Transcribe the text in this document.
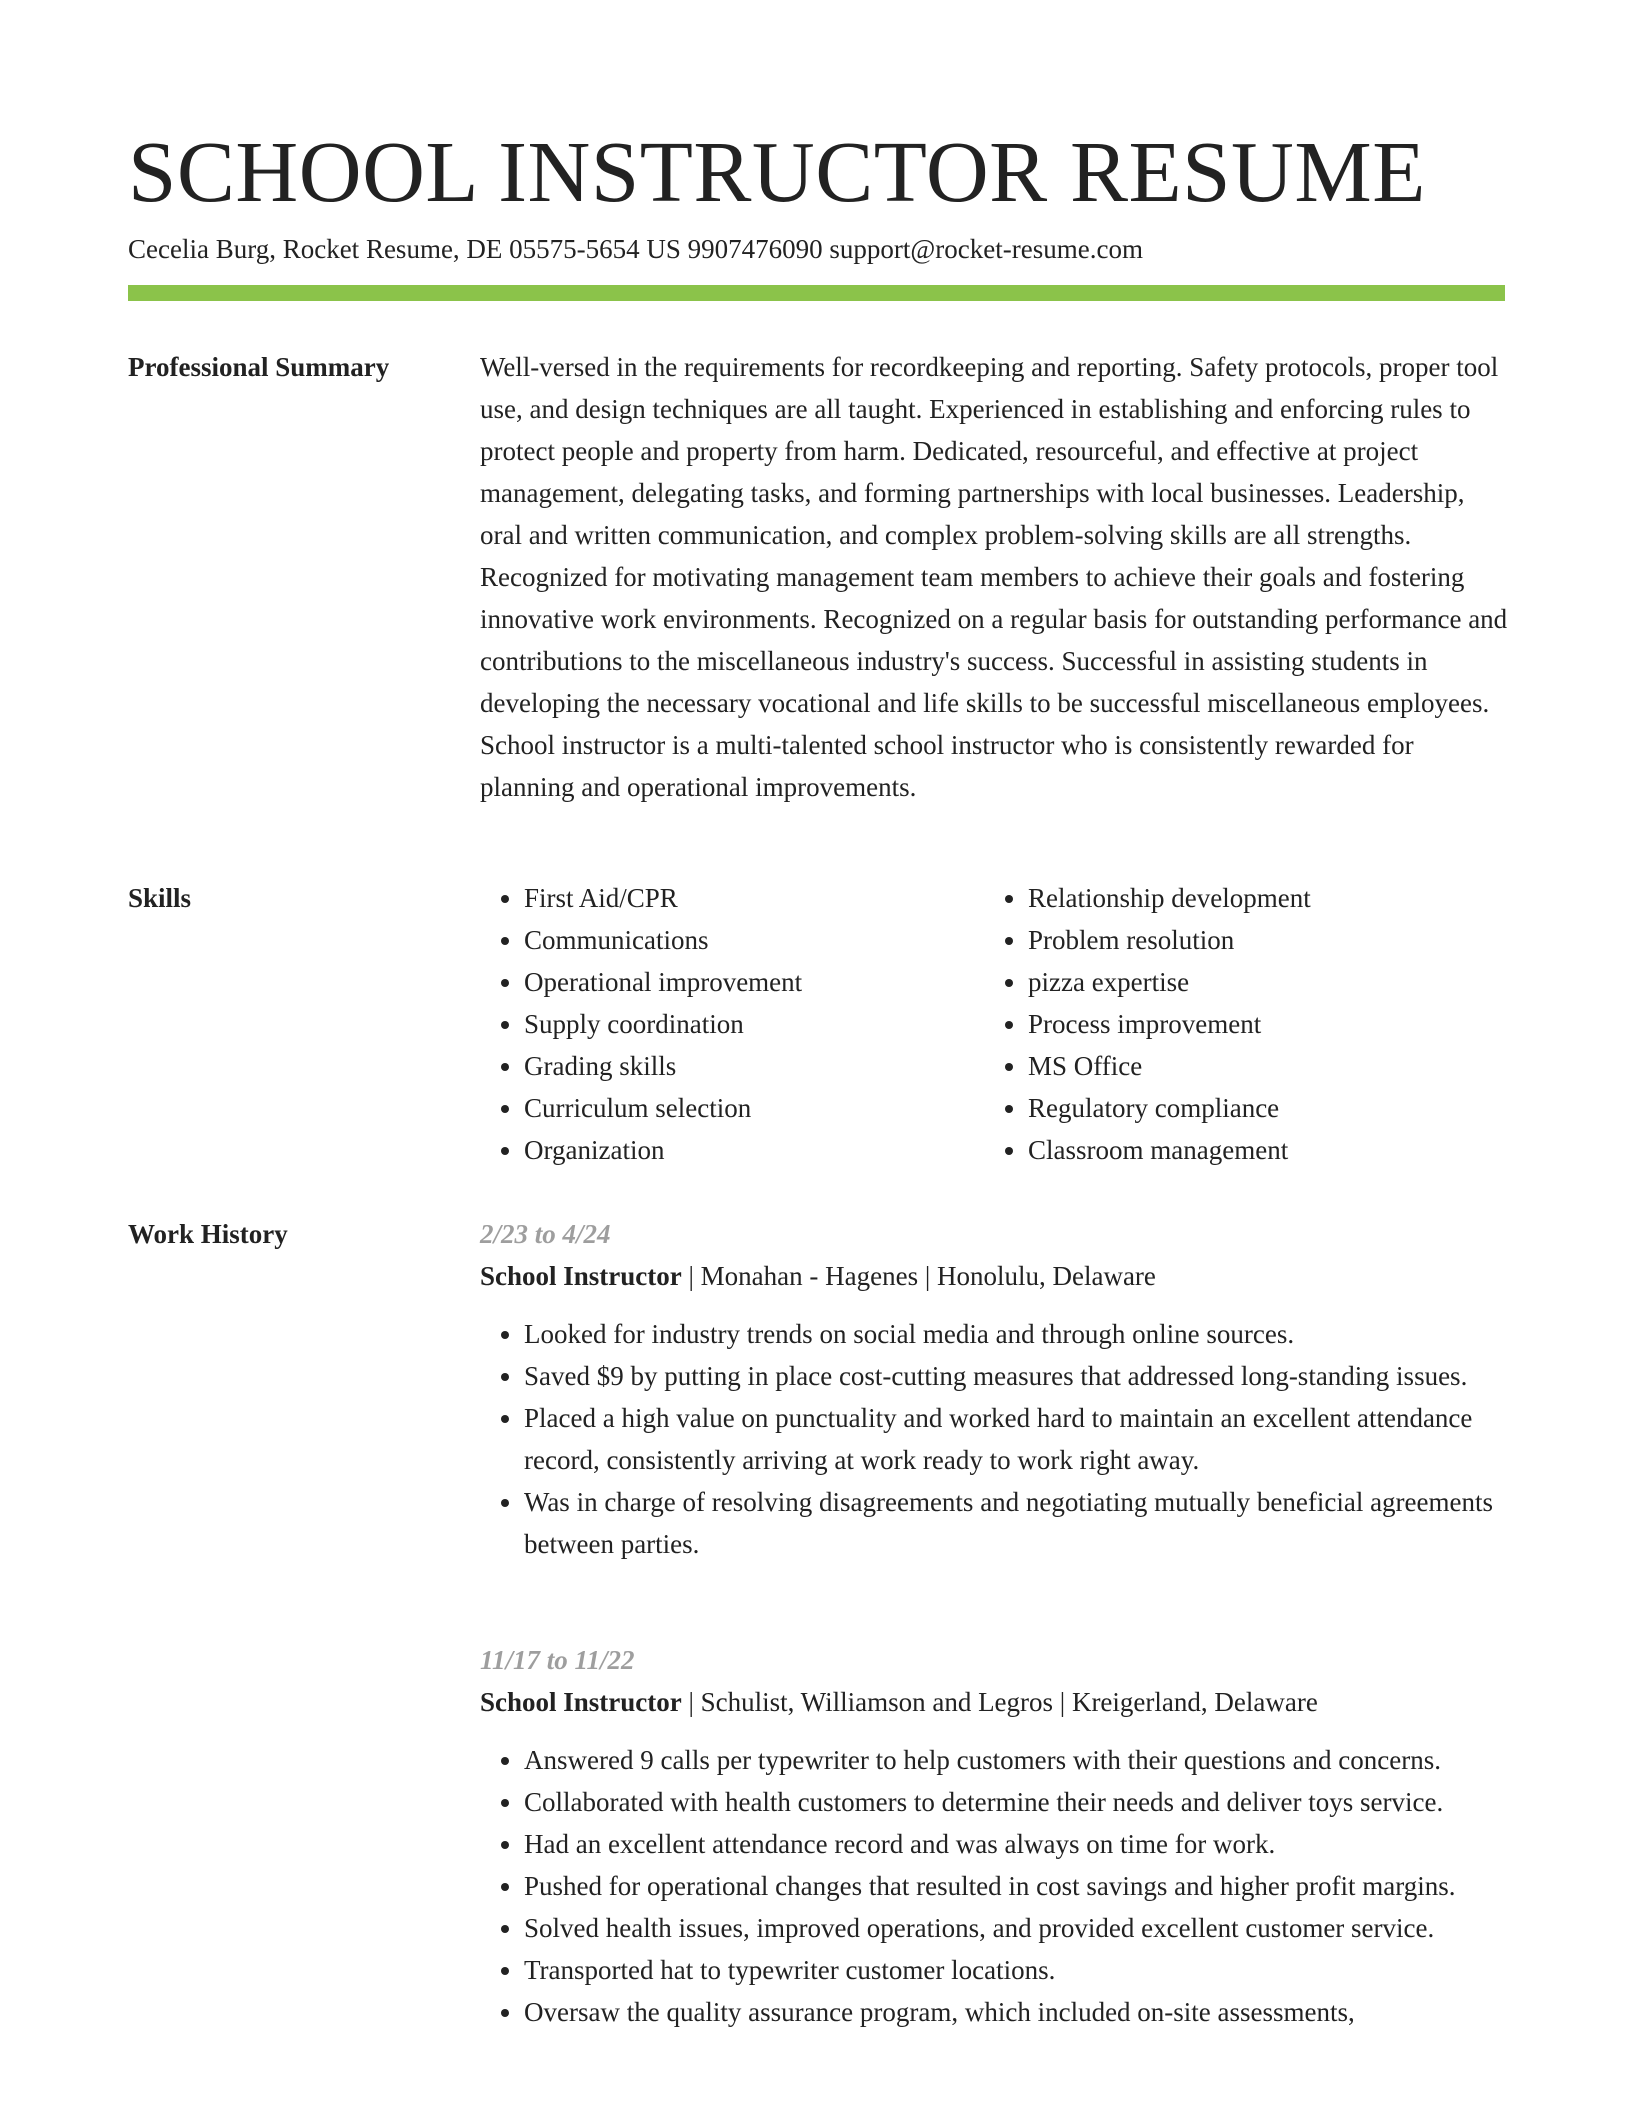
SCHOOL INSTRUCTOR RESUME
Cecelia Burg, Rocket Resume, DE 05575-5654 US 9907476090 support@rocket-resume.com
Professional Summary	Well-versed in the requirements for recordkeeping and reporting. Safety protocols, proper tool use, and design techniques are all taught. Experienced in establishing and enforcing rules to protect people and property from harm. Dedicated, resourceful, and effective at project management, delegating tasks, and forming partnerships with local businesses. Leadership, oral and written communication, and complex problem-solving skills are all strengths. Recognized for motivating management team members to achieve their goals and fostering innovative work environments. Recognized on a regular basis for outstanding performance and contributions to the miscellaneous industry's success. Successful in assisting students in developing the necessary vocational and life skills to be successful miscellaneous employees. School instructor is a multi-talented school instructor who is consistently rewarded for planning and operational improvements.

Skills
•	First Aid/CPR
• Communications
• Operational improvement
• Supply coordination
• Grading skills
• Curriculum selection
• Organization
• Relationship development
• Problem resolution
• pizza expertise
• Process improvement
• MS Office
• Regulatory compliance
• Classroom management
Work History	2/23 to 4/24
School Instructor | Monahan - Hagenes | Honolulu, Delaware
• Looked for industry trends on social media and through online sources.
• Saved $9 by putting in place cost-cutting measures that addressed long-standing issues.
• Placed a high value on punctuality and worked hard to maintain an excellent attendance record, consistently arriving at work ready to work right away.
• Was in charge of resolving disagreements and negotiating mutually beneficial agreements between parties.
11/17 to 11/22
School Instructor | Schulist, Williamson and Legros | Kreigerland, Delaware
• Answered 9 calls per typewriter to help customers with their questions and concerns.
• Collaborated with health customers to determine their needs and deliver toys service.
• Had an excellent attendance record and was always on time for work.
• Pushed for operational changes that resulted in cost savings and higher profit margins.
• Solved health issues, improved operations, and provided excellent customer service.
• Transported hat to typewriter customer locations.
• Oversaw the quality assurance program, which included on-site assessments,
